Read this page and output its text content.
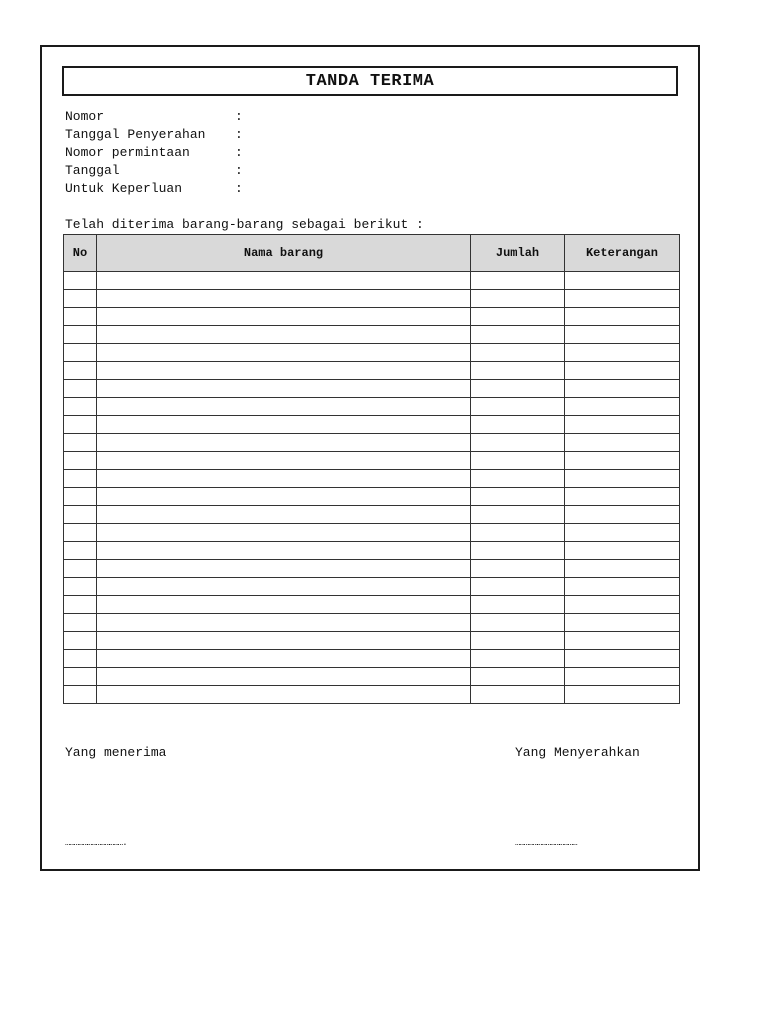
TANDA TERIMA
Nomor	:
Tanggal Penyerahan	:
Nomor permintaan	:
Tanggal	:
Untuk Keperluan	:
Telah diterima barang-barang sebagai berikut :
No	Nama barang	Jumlah	Keterangan

Yang menerima	Yang Menyerahkan
………………………………….	……………………………………
